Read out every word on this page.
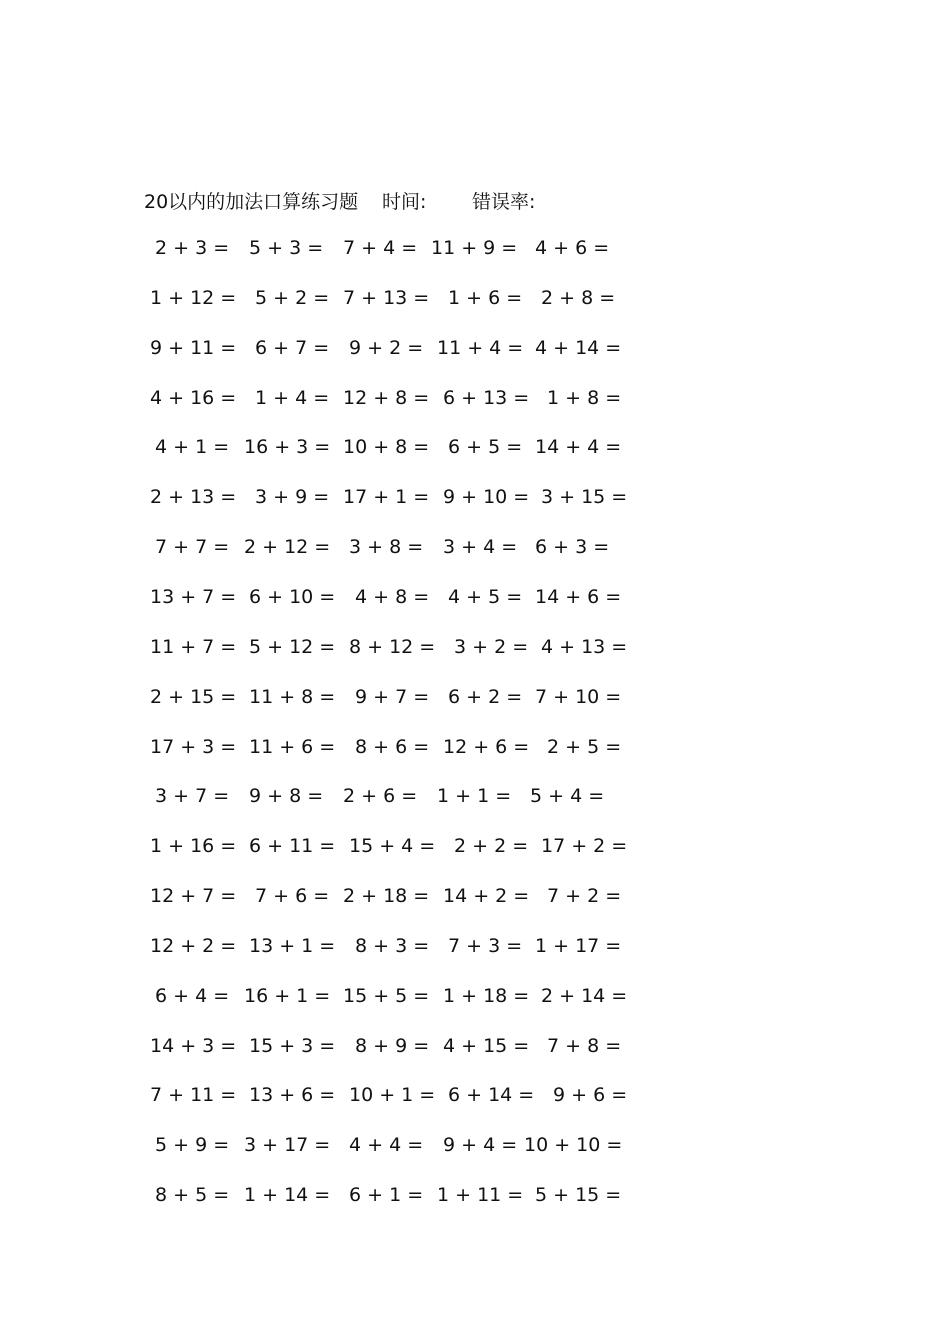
20以内的加法口算练习题 时间: 错误率:
2 + 3 = 5 + 3 = 7 + 4 = 11 + 9 = 4 + 6 =
1 + 12 = 5 + 2 = 7 + 13 = 1 + 6 = 2 + 8 =
9 + 11 = 6 + 7 = 9 + 2 = 11 + 4 = 4 + 14 =
4 + 16 = 1 + 4 = 12 + 8 = 6 + 13 = 1 + 8 =
4 + 1 = 16 + 3 = 10 + 8 = 6 + 5 = 14 + 4 =
2 + 13 = 3 + 9 = 17 + 1 = 9 + 10 = 3 + 15 =
7 + 7 = 2 + 12 = 3 + 8 = 3 + 4 = 6 + 3 =
13 + 7 = 6 + 10 = 4 + 8 = 4 + 5 = 14 + 6 =
11 + 7 = 5 + 12 = 8 + 12 = 3 + 2 = 4 + 13 =
2 + 15 = 11 + 8 = 9 + 7 = 6 + 2 = 7 + 10 =
17 + 3 = 11 + 6 = 8 + 6 = 12 + 6 = 2 + 5 =
3 + 7 = 9 + 8 = 2 + 6 = 1 + 1 = 5 + 4 =
1 + 16 = 6 + 11 = 15 + 4 = 2 + 2 = 17 + 2 =
12 + 7 = 7 + 6 = 2 + 18 = 14 + 2 = 7 + 2 =
12 + 2 = 13 + 1 = 8 + 3 = 7 + 3 = 1 + 17 =
6 + 4 = 16 + 1 = 15 + 5 = 1 + 18 = 2 + 14 =
14 + 3 = 15 + 3 = 8 + 9 = 4 + 15 = 7 + 8 =
7 + 11 = 13 + 6 = 10 + 1 = 6 + 14 = 9 + 6 =
5 + 9 = 3 + 17 = 4 + 4 = 9 + 4 = 10 + 10 =
8 + 5 = 1 + 14 = 6 + 1 = 1 + 11 = 5 + 15 =
